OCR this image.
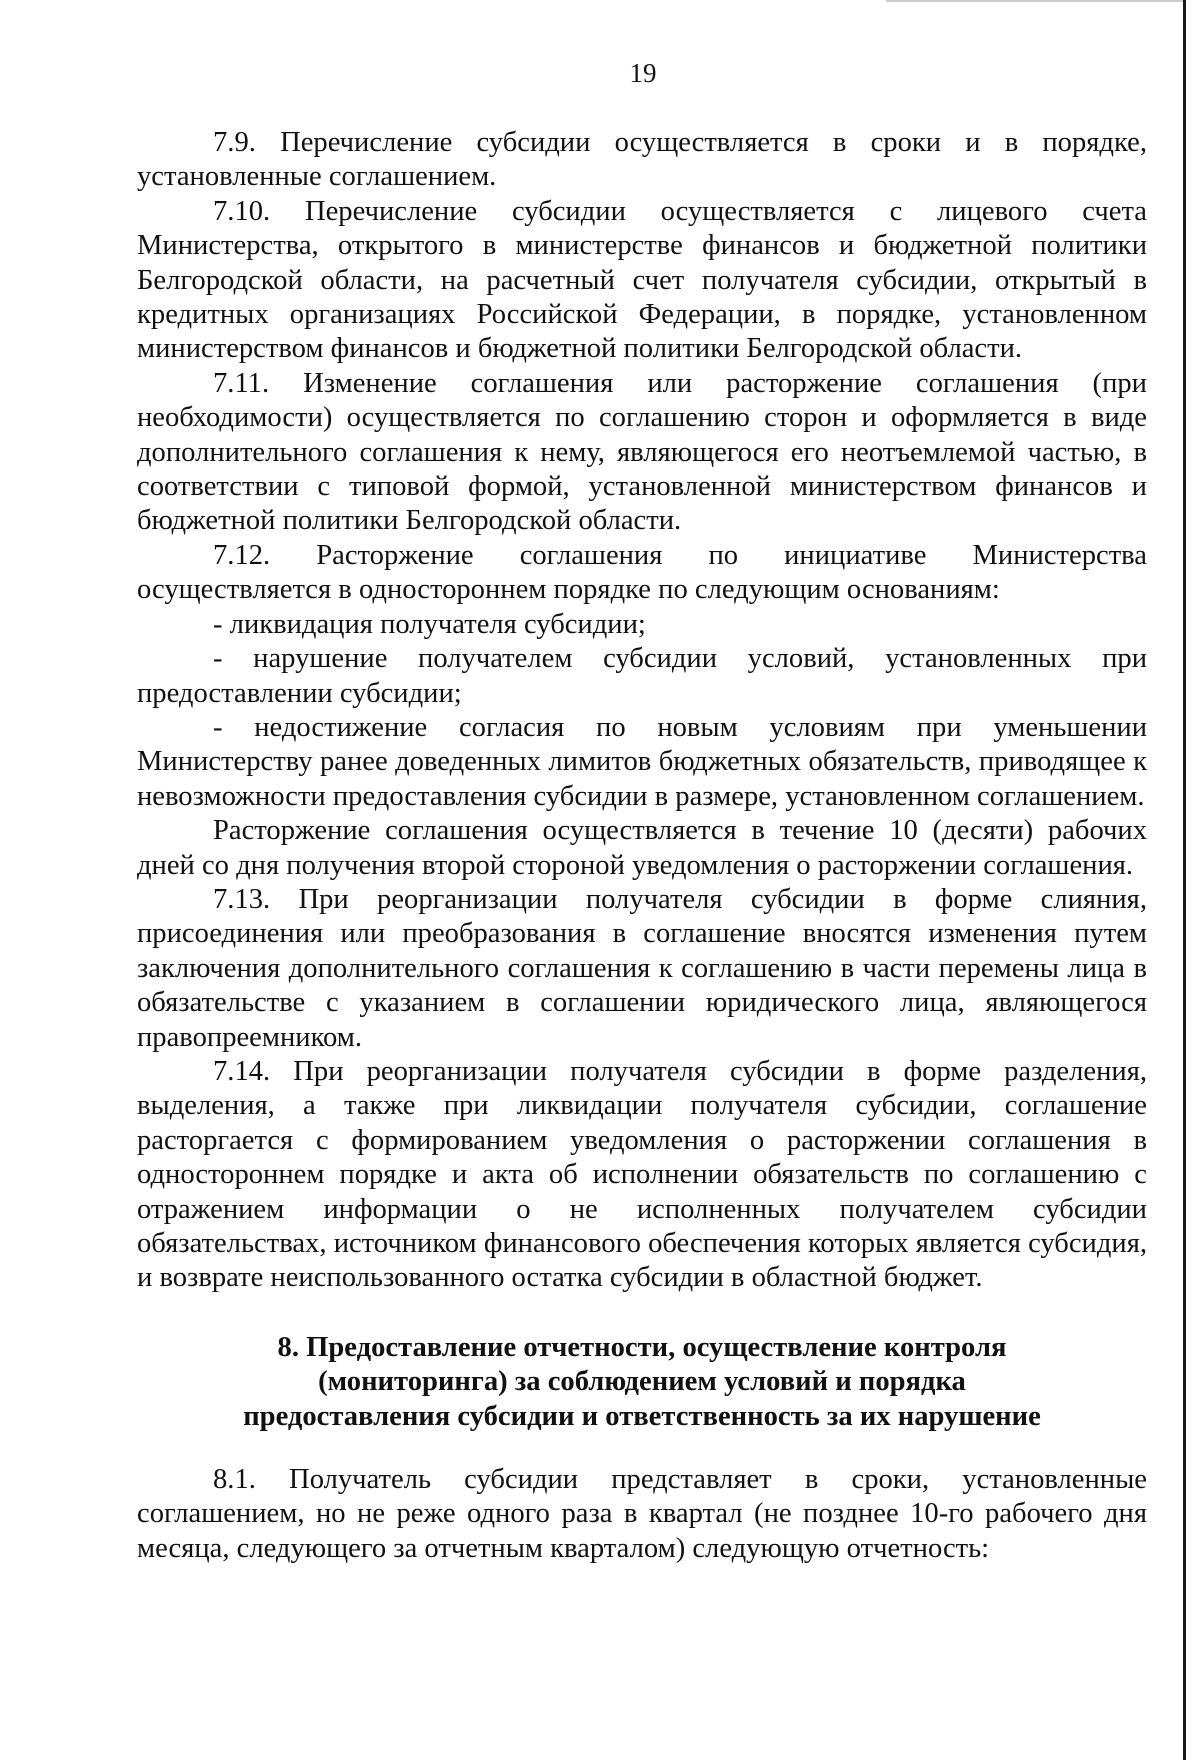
19

7.9. Перечисление субсидии осуществляется в сроки и в порядке, установленные соглашением.

7.10. Перечисление субсидии осуществляется с лицевого счета Министерства, открытого в министерстве финансов и бюджетной политики Белгородской области, на расчетный счет получателя субсидии, открытый в кредитных организациях Российской Федерации, в порядке, установленном министерством финансов и бюджетной политики Белгородской области.

7.11. Изменение соглашения или расторжение соглашения (при необходимости) осуществляется по соглашению сторон и оформляется в виде дополнительного соглашения к нему, являющегося его неотъемлемой частью, в соответствии с типовой формой, установленной министерством финансов и бюджетной политики Белгородской области.

7.12. Расторжение соглашения по инициативе Министерства осуществляется в одностороннем порядке по следующим основаниям:

- ликвидация получателя субсидии;

- нарушение получателем субсидии условий, установленных при предоставлении субсидии;

- недостижение согласия по новым условиям при уменьшении Министерству ранее доведенных лимитов бюджетных обязательств, приводящее к невозможности предоставления субсидии в размере, установленном соглашением.

Расторжение соглашения осуществляется в течение 10 (десяти) рабочих дней со дня получения второй стороной уведомления о расторжении соглашения.

7.13. При реорганизации получателя субсидии в форме слияния, присоединения или преобразования в соглашение вносятся изменения путем заключения дополнительного соглашения к соглашению в части перемены лица в обязательстве с указанием в соглашении юридического лица, являющегося правопреемником.

7.14. При реорганизации получателя субсидии в форме разделения, выделения, а также при ликвидации получателя субсидии, соглашение расторгается с формированием уведомления о расторжении соглашения в одностороннем порядке и акта об исполнении обязательств по соглашению с отражением информации о не исполненных получателем субсидии обязательствах, источником финансового обеспечения которых является субсидия, и возврате неиспользованного остатка субсидии в областной бюджет.

8. Предоставление отчетности, осуществление контроля

(мониторинга) за соблюдением условий и порядка

предоставления субсидии и ответственность за их нарушение

8.1. Получатель субсидии представляет в сроки, установленные соглашением, но не реже одного раза в квартал (не позднее 10-го рабочего дня месяца, следующего за отчетным кварталом) следующую отчетность:
